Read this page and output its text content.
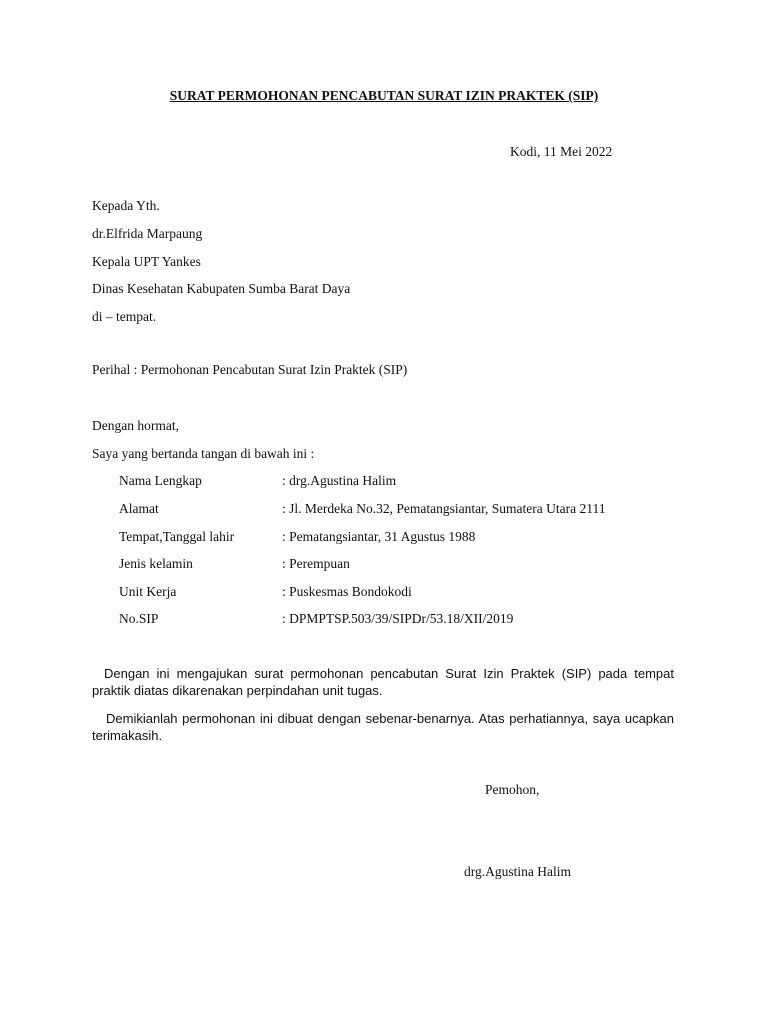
SURAT PERMOHONAN PENCABUTAN SURAT IZIN PRAKTEK (SIP)
Kodi, 11 Mei 2022
Kepada Yth.
dr.Elfrida Marpaung
Kepala UPT Yankes
Dinas Kesehatan Kabupaten Sumba Barat Daya
di – tempat.
Perihal : Permohonan Pencabutan Surat Izin Praktek (SIP)
Dengan hormat,
Saya yang bertanda tangan di bawah ini :
Nama Lengkap	: drg.Agustina Halim
Alamat	: Jl. Merdeka No.32, Pematangsiantar, Sumatera Utara 2111
Tempat,Tanggal lahir	: Pematangsiantar, 31 Agustus 1988
Jenis kelamin	: Perempuan
Unit Kerja	: Puskesmas Bondokodi
No.SIP	: DPMPTSP.503/39/SIPDr/53.18/XII/2019
Dengan ini mengajukan surat permohonan pencabutan Surat Izin Praktek (SIP) pada tempat praktik diatas dikarenakan perpindahan unit tugas.
Demikianlah permohonan ini dibuat dengan sebenar-benarnya. Atas perhatiannya, saya ucapkan terimakasih.
Pemohon,
drg.Agustina Halim
